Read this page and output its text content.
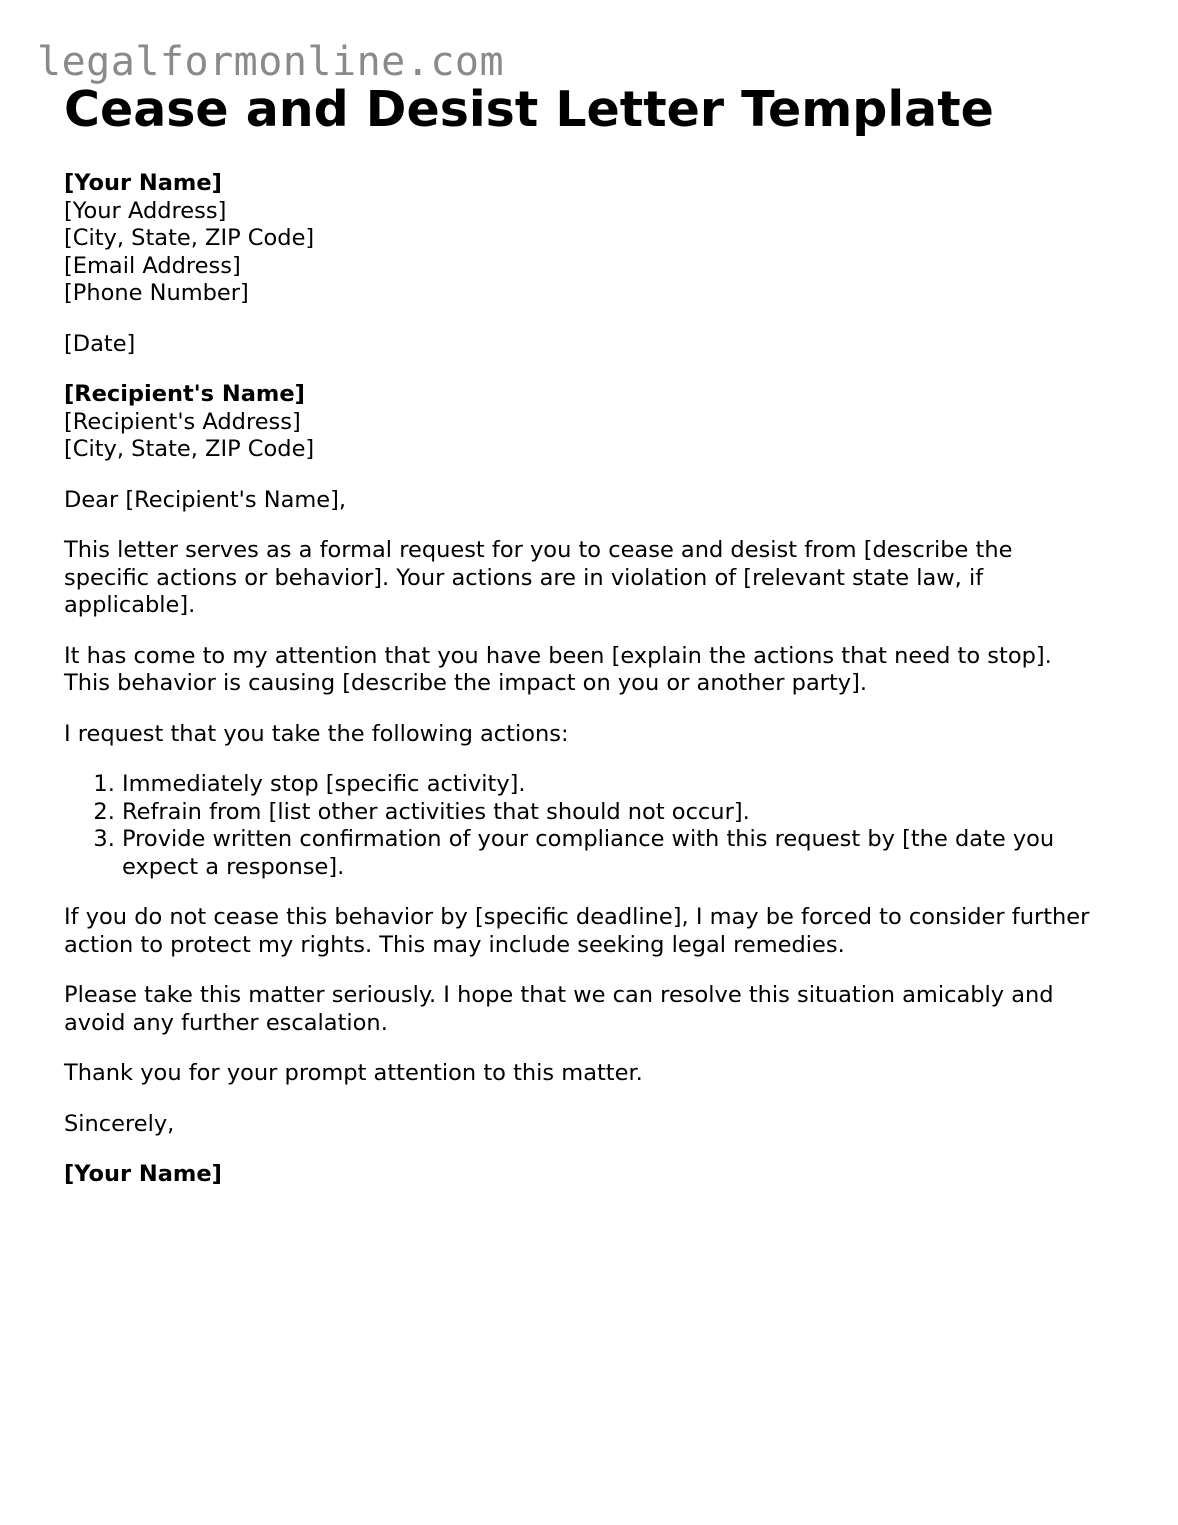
legalformonline.com
Cease and Desist Letter Template
[Your Name]
[Your Address]
[City, State, ZIP Code]
[Email Address]
[Phone Number]
[Date]
[Recipient's Name]
[Recipient's Address]
[City, State, ZIP Code]

Dear [Recipient's Name],

This letter serves as a formal request for you to cease and desist from [describe the specific actions or behavior]. Your actions are in violation of [relevant state law, if applicable].

It has come to my attention that you have been [explain the actions that need to stop]. This behavior is causing [describe the impact on you or another party].

I request that you take the following actions:

1. Immediately stop [specific activity].
2. Refrain from [list other activities that should not occur].
3. Provide written confirmation of your compliance with this request by [the date you expect a response].

If you do not cease this behavior by [specific deadline], I may be forced to consider further action to protect my rights. This may include seeking legal remedies.

Please take this matter seriously. I hope that we can resolve this situation amicably and avoid any further escalation.

Thank you for your prompt attention to this matter.

Sincerely,

[Your Name]
